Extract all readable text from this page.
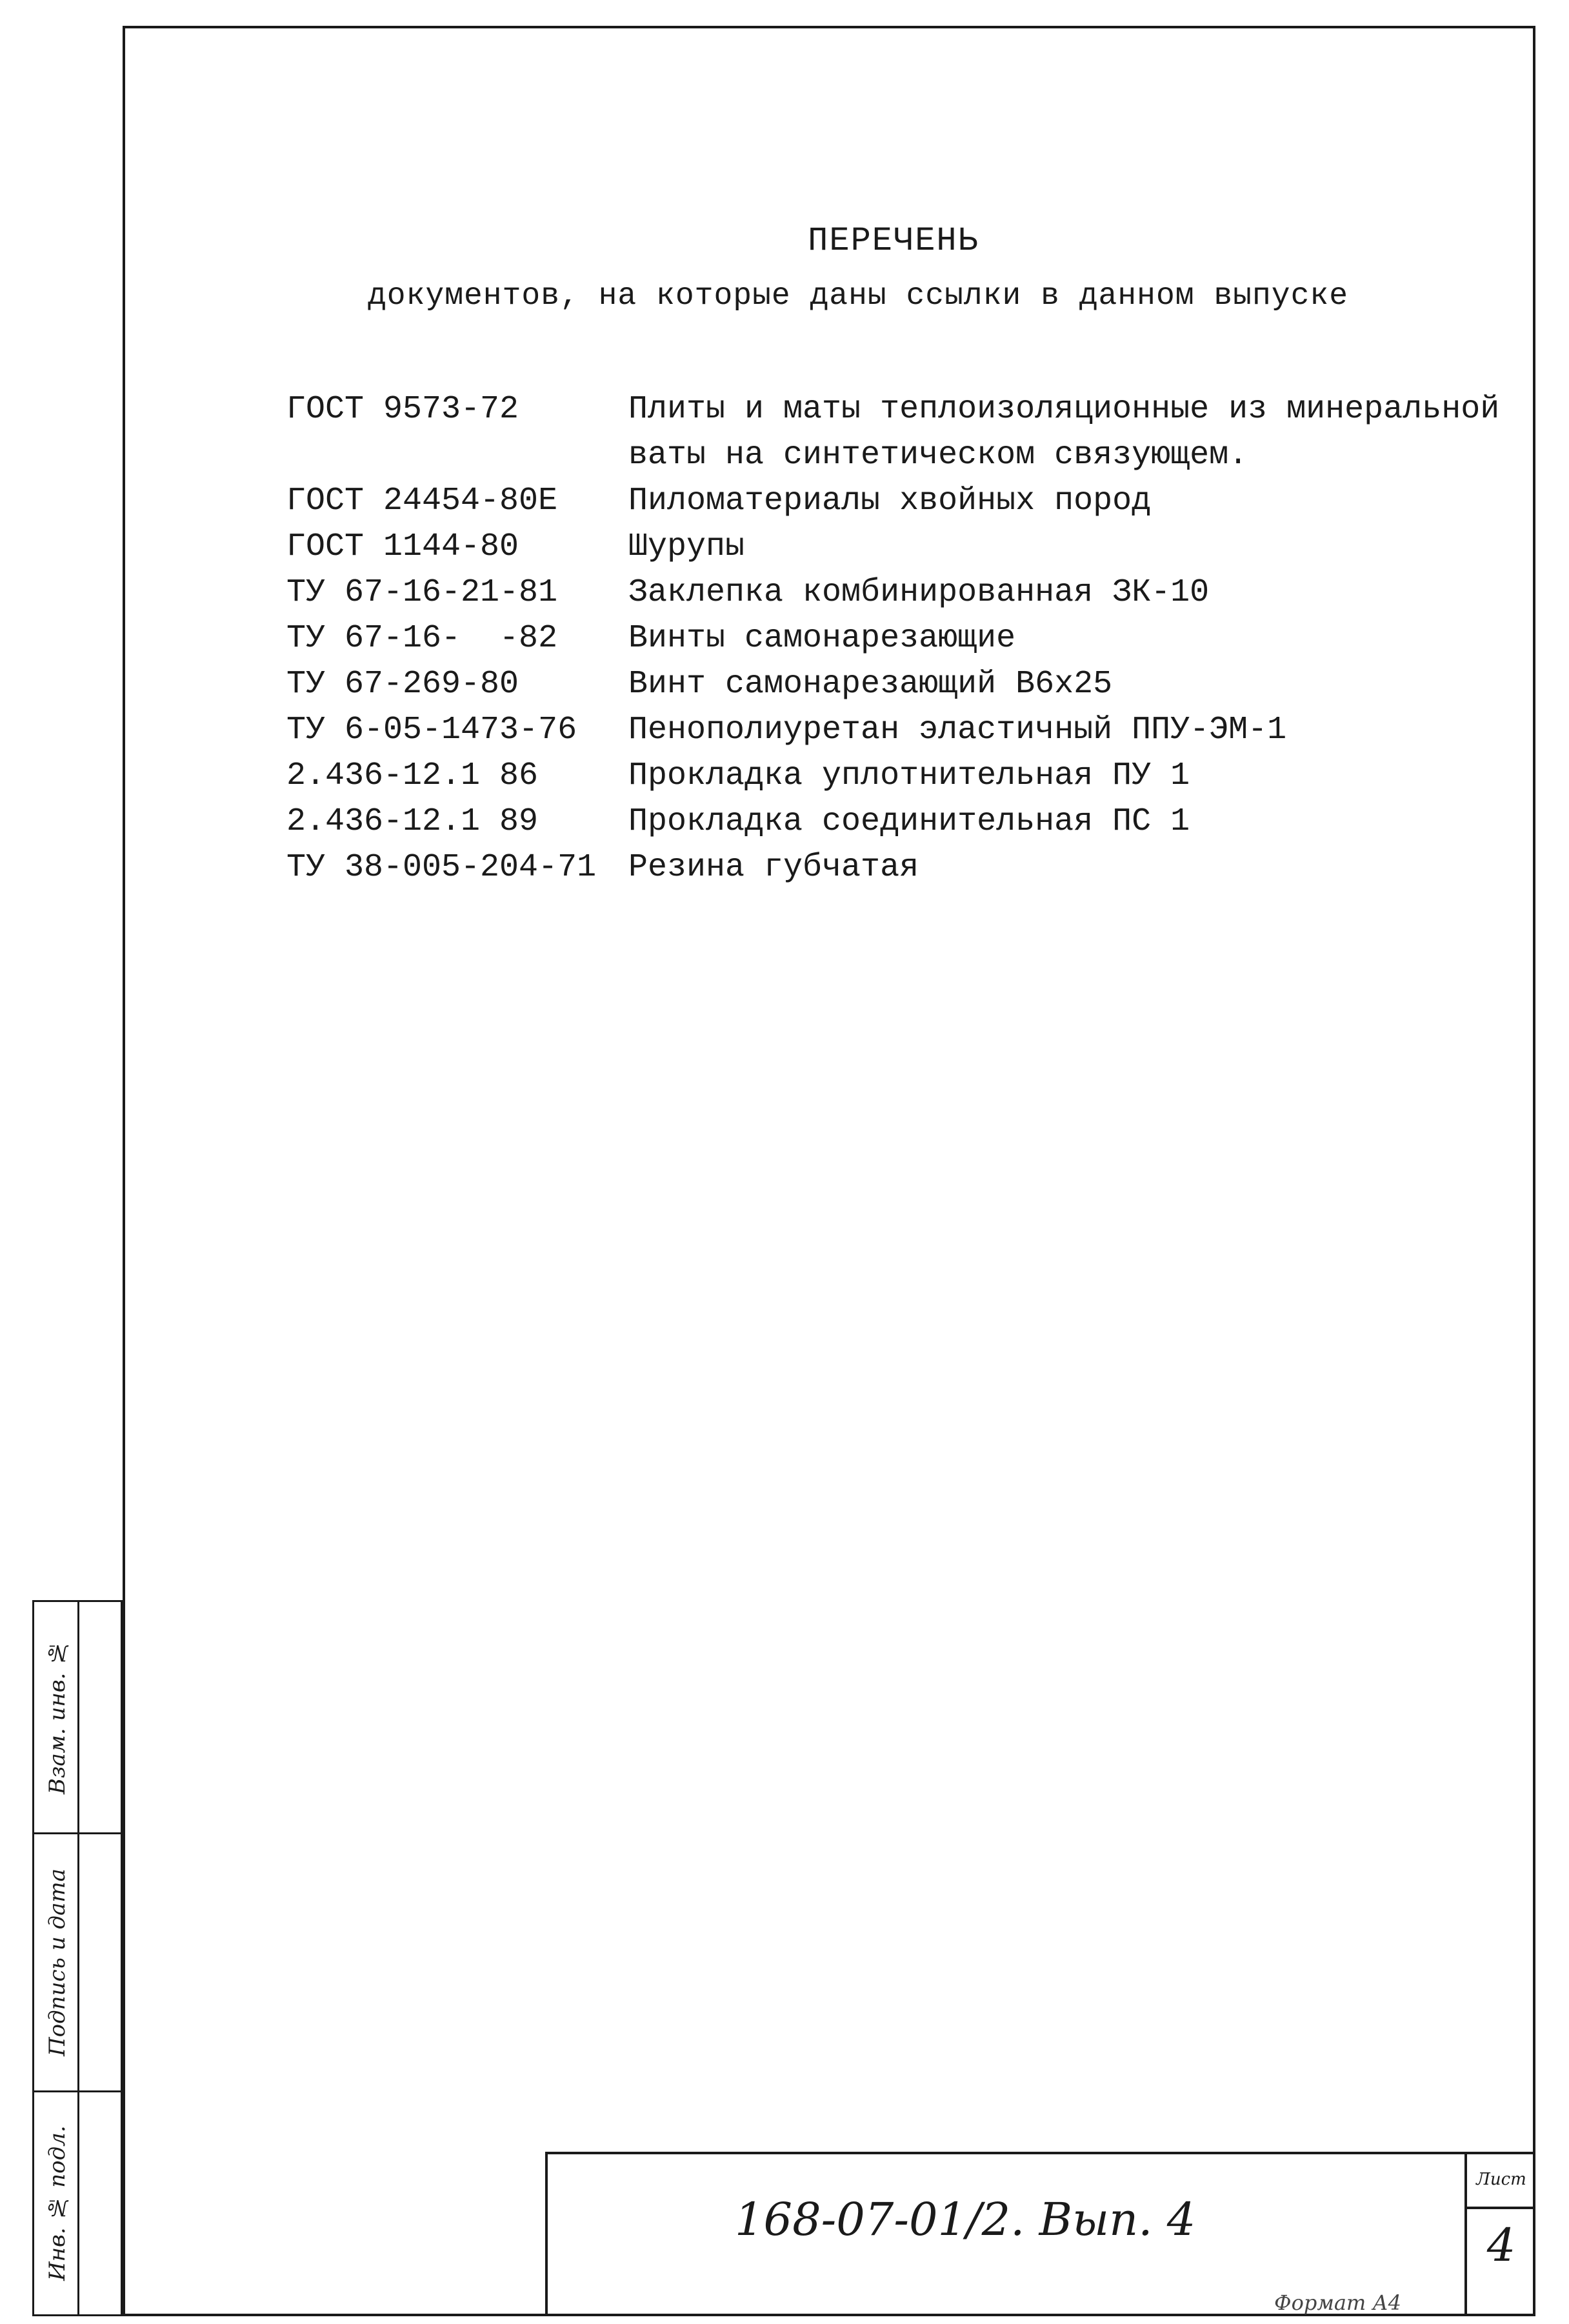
ПЕРЕЧЕНЬ
документов, на которые даны ссылки в данном выпуске
ГОСТ 9573-72	Плиты и маты теплоизоляционные из минеральной ваты на синтетическом связующем.
ГОСТ 24454-80Е	Пиломатериалы хвойных пород
ГОСТ 1144-80	Шурупы
ТУ 67-16-21-81	Заклепка комбинированная ЗК-10
ТУ 67-16-  -82	Винты самонарезающие
ТУ 67-269-80	Винт самонарезающий В6х25
ТУ 6-05-1473-76	Пенополиуретан эластичный ППУ-ЭМ-1
2.436-12.1 86	Прокладка уплотнительная ПУ 1
2.436-12.1 89	Прокладка соединительная ПС 1
ТУ 38-005-204-71 Резина губчатая
Взам. инв. №
Подпись и дата
Инв. № подл.	168-07-01/2. Вып. 4
Лист
4
Формат А4
